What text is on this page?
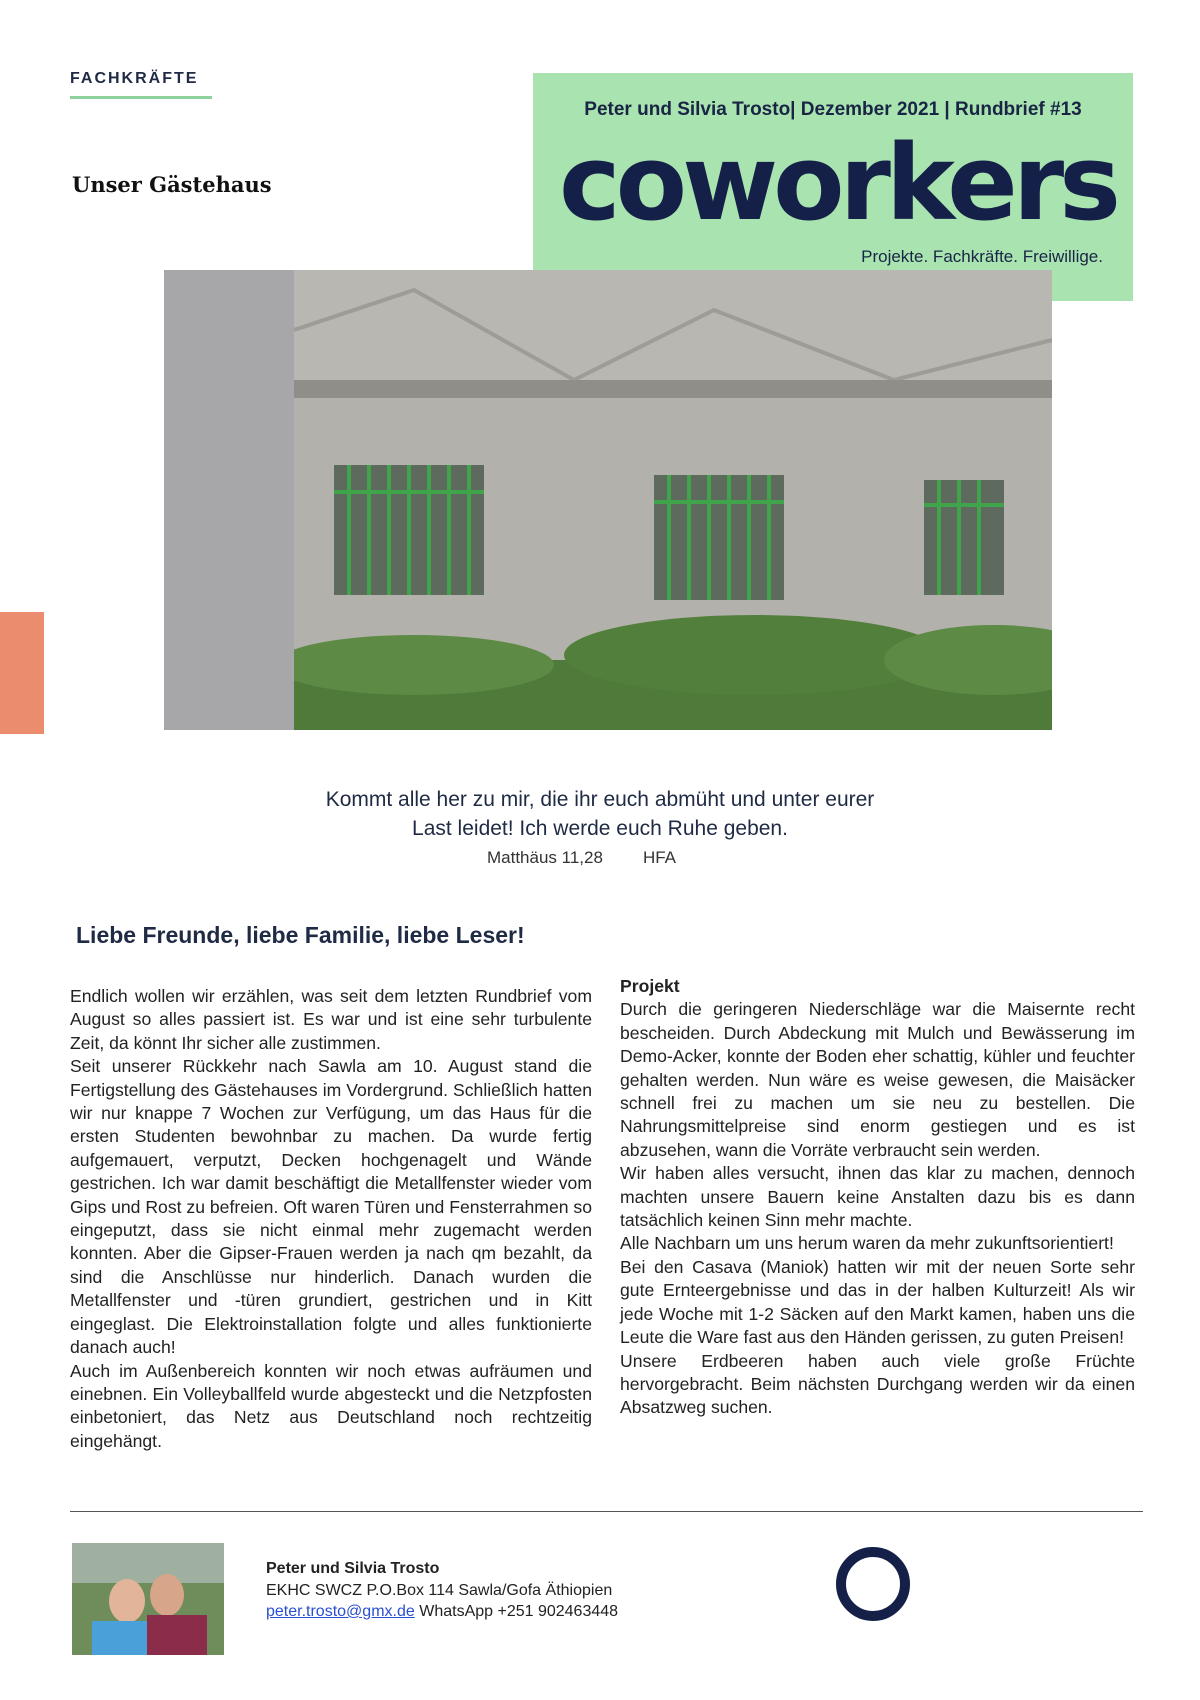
FACHKRÄFTE
Unser Gästehaus
Peter und Silvia Trosto| Dezember 2021 | Rundbrief #13
coworkers
Projekte. Fachkräfte. Freiwillige.
Kommt alle her zu mir, die ihr euch abmüht und unter eurer
Last leidet! Ich werde euch Ruhe geben.
Matthäus 11,28 HFA
Liebe Freunde, liebe Familie, liebe Leser!

Endlich wollen wir erzählen, was seit dem letzten Rundbrief vom August so alles passiert ist. Es war und ist eine sehr turbulente Zeit, da könnt Ihr sicher alle zustimmen.

Seit unserer Rückkehr nach Sawla am 10. August stand die Fertigstellung des Gästehauses im Vordergrund. Schließlich hatten wir nur knappe 7 Wochen zur Verfügung, um das Haus für die ersten Studenten bewohnbar zu machen. Da wurde fertig aufgemauert, verputzt, Decken hochgenagelt und Wände gestrichen. Ich war damit beschäftigt die Metallfenster wieder vom Gips und Rost zu befreien. Oft waren Türen und Fensterrahmen so eingeputzt, dass sie nicht einmal mehr zugemacht werden konnten. Aber die Gipser-Frauen werden ja nach qm bezahlt, da sind die Anschlüsse nur hinderlich. Danach wurden die Metallfenster und -türen grundiert, gestrichen und in Kitt eingeglast. Die Elektroinstallation folgte und alles funktionierte danach auch!

Auch im Außenbereich konnten wir noch etwas aufräumen und einebnen. Ein Volleyballfeld wurde abgesteckt und die Netzpfosten einbetoniert, das Netz aus Deutschland noch rechtzeitig eingehängt.

Projekt

Durch die geringeren Niederschläge war die Maisernte recht bescheiden. Durch Abdeckung mit Mulch und Bewässerung im Demo-Acker, konnte der Boden eher schattig, kühler und feuchter gehalten werden. Nun wäre es weise gewesen, die Maisäcker schnell frei zu machen um sie neu zu bestellen. Die Nahrungsmittelpreise sind enorm gestiegen und es ist abzusehen, wann die Vorräte verbraucht sein werden.

Wir haben alles versucht, ihnen das klar zu machen, dennoch machten unsere Bauern keine Anstalten dazu bis es dann tatsächlich keinen Sinn mehr machte.

Alle Nachbarn um uns herum waren da mehr zukunftsorientiert!

Bei den Casava (Maniok) hatten wir mit der neuen Sorte sehr gute Ernteergebnisse und das in der halben Kulturzeit! Als wir jede Woche mit 1-2 Säcken auf den Markt kamen, haben uns die Leute die Ware fast aus den Händen gerissen, zu guten Preisen!

Unsere Erdbeeren haben auch viele große Früchte hervorgebracht. Beim nächsten Durchgang werden wir da einen Absatzweg suchen.

Peter und Silvia Trosto
EKHC SWCZ P.O.Box 114 Sawla/Gofa Äthiopien
peter.trosto@gmx.de WhatsApp +251 902463448
